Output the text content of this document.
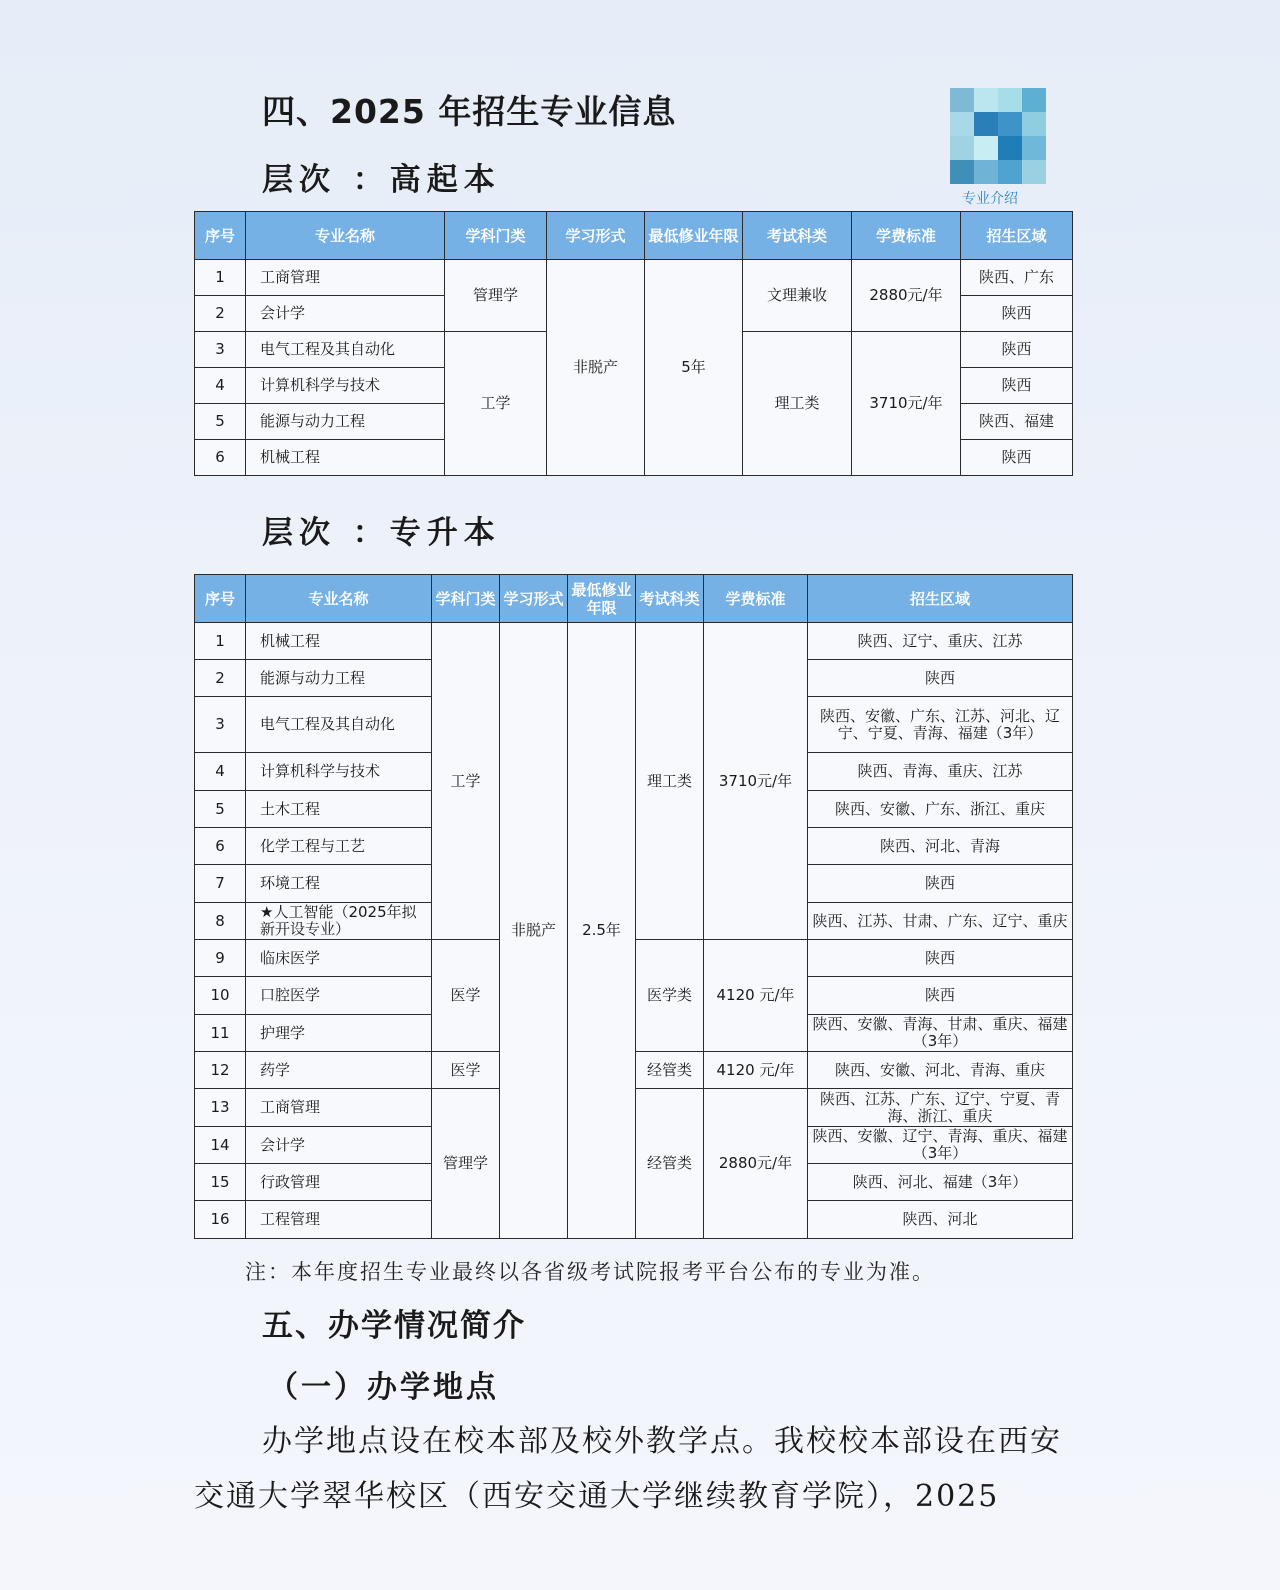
四、2025 年招生专业信息
专业介绍
层次 ：高起本
序号	专业名称	学科门类	学习形式	最低修业年限	考试科类	学费标准	招生区域
1	工商管理	管理学	非脱产	5年	文理兼收	2880元/年	陕西、广东
2	会计学						陕西
3	电气工程及其自动化	工学			理工类	3710元/年	陕西
4	计算机科学与技术						陕西
5	能源与动力工程						陕西、福建
6	机械工程						陕西
层次 ：专升本
序号	专业名称	学科门类	学习形式	最低修业年限	考试科类	学费标准	招生区域
1	机械工程	工学	非脱产	2.5年	理工类	3710元/年	陕西、辽宁、重庆、江苏
2	能源与动力工程						陕西
3	电气工程及其自动化						陕西、安徽、广东、江苏、河北、辽宁、宁夏、青海、福建（3年）
4	计算机科学与技术						陕西、青海、重庆、江苏
5	土木工程						陕西、安徽、广东、浙江、重庆
6	化学工程与工艺						陕西、河北、青海
7	环境工程						陕西
8	★人工智能（2025年拟新开设专业）						陕西、江苏、甘肃、广东、辽宁、重庆
9	临床医学	医学			医学类	4120 元/年	陕西
10	口腔医学						陕西
11	护理学						陕西、安徽、青海、甘肃、重庆、福建（3年）
12	药学	医学			经管类	4120 元/年	陕西、安徽、河北、青海、重庆
13	工商管理	管理学			经管类	2880元/年	陕西、江苏、广东、辽宁、宁夏、青海、浙江、重庆
14	会计学						陕西、安徽、辽宁、青海、重庆、福建（3年）
15	行政管理						陕西、河北、福建（3年）
16	工程管理						陕西、河北
注：本年度招生专业最终以各省级考试院报考平台公布的专业为准。
五、办学情况简介
（一）办学地点
办学地点设在校本部及校外教学点。我校校本部设在西安交通大学翠华校区（西安交通大学继续教育学院），2025
